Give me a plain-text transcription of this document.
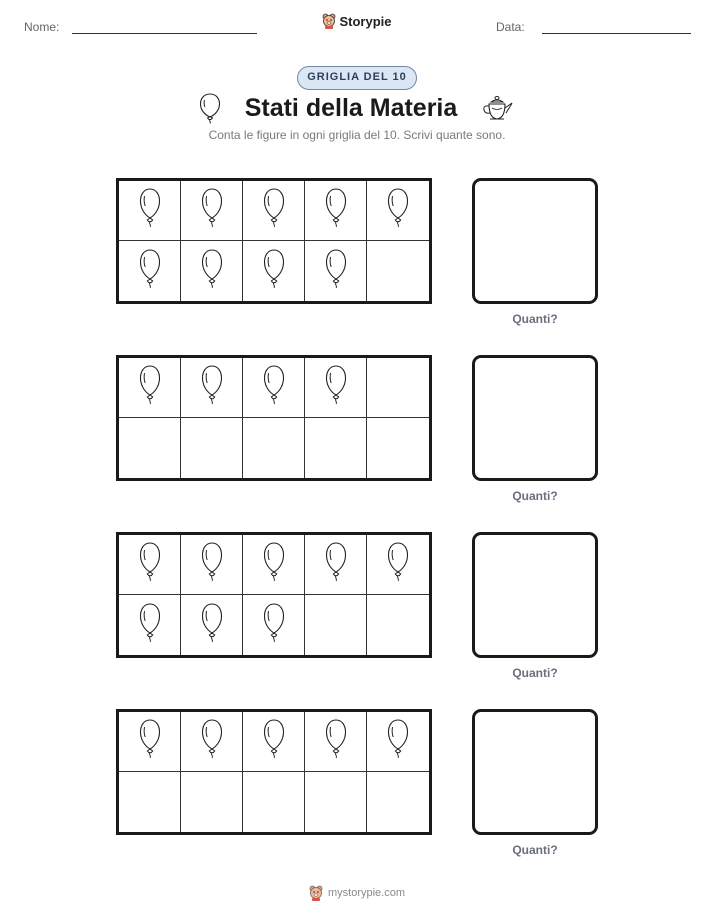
Nome:	Storypie	Data:
GRIGLIA DEL 10
Stati della Materia
Conta le figure in ogni griglia del 10. Scrivi quante sono.
Quanti?
Quanti?
Quanti?
Quanti?
mystorypie.com
